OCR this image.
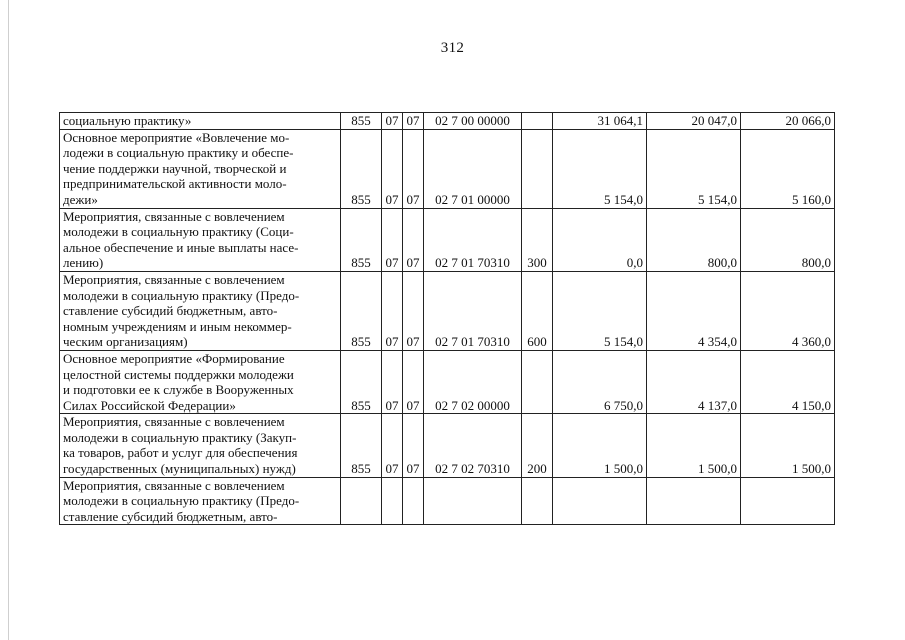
312
социальную практику»	855	07	07	02 7 00 00000		31 064,1	20 047,0	20 066,0
Основное мероприятие «Вовлечение мо-
лодежи в социальную практику и обеспе-
чение поддержки научной, творческой и
предпринимательской активности моло-
дежи»	855	07	07	02 7 01 00000		5 154,0	5 154,0	5 160,0
Мероприятия, связанные с вовлечением
молодежи в социальную практику (Соци-
альное обеспечение и иные выплаты насе-
лению)	855	07	07	02 7 01 70310	300	0,0	800,0	800,0
Мероприятия, связанные с вовлечением
молодежи в социальную практику (Предо-
ставление субсидий бюджетным, авто-
номным учреждениям и иным некоммер-
ческим организациям)	855	07	07	02 7 01 70310	600	5 154,0	4 354,0	4 360,0
Основное мероприятие «Формирование
целостной системы поддержки молодежи
и подготовки ее к службе в Вооруженных
Силах Российской Федерации»	855	07	07	02 7 02 00000		6 750,0	4 137,0	4 150,0
Мероприятия, связанные с вовлечением
молодежи в социальную практику (Закуп-
ка товаров, работ и услуг для обеспечения
государственных (муниципальных) нужд)	855	07	07	02 7 02 70310	200	1 500,0	1 500,0	1 500,0
Мероприятия, связанные с вовлечением
молодежи в социальную практику (Предо-
ставление субсидий бюджетным, авто-								
